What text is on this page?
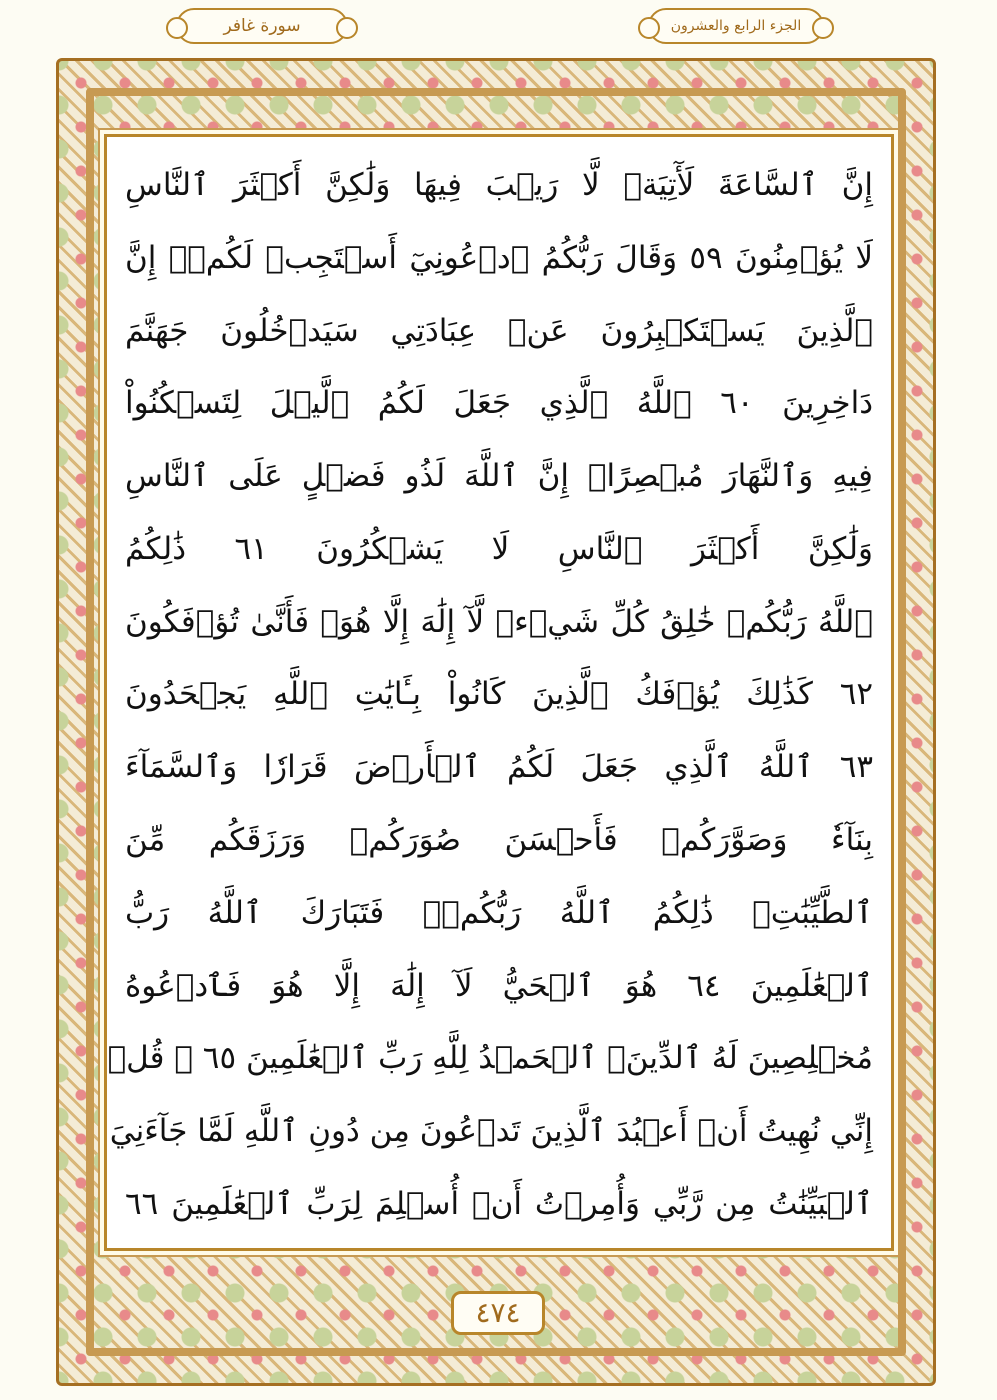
سورة غافر	الجزء الرابع والعشرون
إِنَّ ٱلسَّاعَةَ لَأٓتِيَةٞ لَّا رَيۡبَ فِيهَا وَلَٰكِنَّ أَكۡثَرَ ٱلنَّاسِ
لَا يُؤۡمِنُونَ ٥٩ وَقَالَ رَبُّكُمُ ٱدۡعُونِيٓ أَسۡتَجِبۡ لَكُمۡۚ إِنَّ
ٱلَّذِينَ يَسۡتَكۡبِرُونَ عَنۡ عِبَادَتِي سَيَدۡخُلُونَ جَهَنَّمَ
دَاخِرِينَ ٦٠ ٱللَّهُ ٱلَّذِي جَعَلَ لَكُمُ ٱلَّيۡلَ لِتَسۡكُنُواْ
فِيهِ وَٱلنَّهَارَ مُبۡصِرًاۚ إِنَّ ٱللَّهَ لَذُو فَضۡلٍ عَلَى ٱلنَّاسِ
وَلَٰكِنَّ أَكۡثَرَ ٱلنَّاسِ لَا يَشۡكُرُونَ ٦١ ذَٰلِكُمُ
ٱللَّهُ رَبُّكُمۡ خَٰلِقُ كُلِّ شَيۡءٖ لَّآ إِلَٰهَ إِلَّا هُوَۖ فَأَنَّىٰ تُؤۡفَكُونَ
٦٢ كَذَٰلِكَ يُؤۡفَكُ ٱلَّذِينَ كَانُواْ بِـَٔايَٰتِ ٱللَّهِ يَجۡحَدُونَ
٦٣ ٱللَّهُ ٱلَّذِي جَعَلَ لَكُمُ ٱلۡأَرۡضَ قَرَارٗا وَٱلسَّمَآءَ
بِنَآءٗ وَصَوَّرَكُمۡ فَأَحۡسَنَ صُوَرَكُمۡ وَرَزَقَكُم مِّنَ
ٱلطَّيِّبَٰتِۚ ذَٰلِكُمُ ٱللَّهُ رَبُّكُمۡۖ فَتَبَارَكَ ٱللَّهُ رَبُّ
ٱلۡعَٰلَمِينَ ٦٤ هُوَ ٱلۡحَيُّ لَآ إِلَٰهَ إِلَّا هُوَ فَٱدۡعُوهُ
مُخۡلِصِينَ لَهُ ٱلدِّينَۗ ٱلۡحَمۡدُ لِلَّهِ رَبِّ ٱلۡعَٰلَمِينَ ٦٥ ۞ قُلۡ
إِنِّي نُهِيتُ أَنۡ أَعۡبُدَ ٱلَّذِينَ تَدۡعُونَ مِن دُونِ ٱللَّهِ لَمَّا جَآءَنِيَ
ٱلۡبَيِّنَٰتُ مِن رَّبِّي وَأُمِرۡتُ أَنۡ أُسۡلِمَ لِرَبِّ ٱلۡعَٰلَمِينَ ٦٦
٤٧٤
